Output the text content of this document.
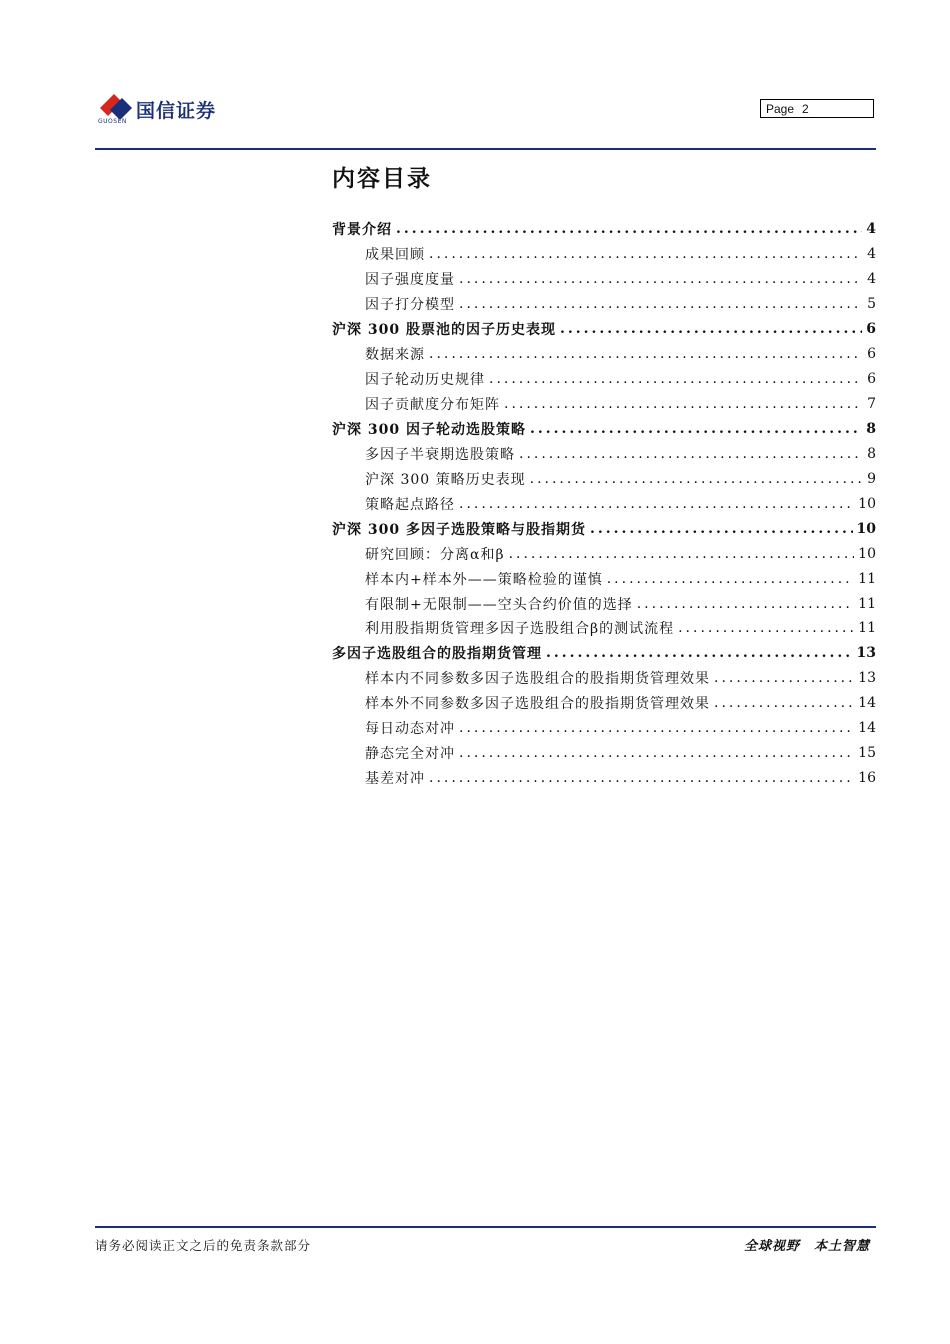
国信证券
GUOSEN
Page 2
内容目录
背景介绍 .....	4
成果回顾 .....	4
因子强度度量 .....	4
因子打分模型 .....	5
沪深 300 股票池的因子历史表现 .....	6
数据来源 .....	6
因子轮动历史规律 .....	6
因子贡献度分布矩阵 .....	7
沪深 300 因子轮动选股策略 .....	8
多因子半衰期选股策略 .....	8
沪深 300 策略历史表现 .....	9
策略起点路径 .....	10
沪深 300 多因子选股策略与股指期货 .....	10
研究回顾：分离α和β .....	10
样本内+样本外——策略检验的谨慎 .....	11
有限制+无限制——空头合约价值的选择 .....	11
利用股指期货管理多因子选股组合β的测试流程 .....	11
多因子选股组合的股指期货管理 .....	13
样本内不同参数多因子选股组合的股指期货管理效果 .....	13
样本外不同参数多因子选股组合的股指期货管理效果 .....	14
每日动态对冲 .....	14
静态完全对冲 .....	15
基差对冲 .....	16
请务必阅读正文之后的免责条款部分	全球视野 本土智慧
